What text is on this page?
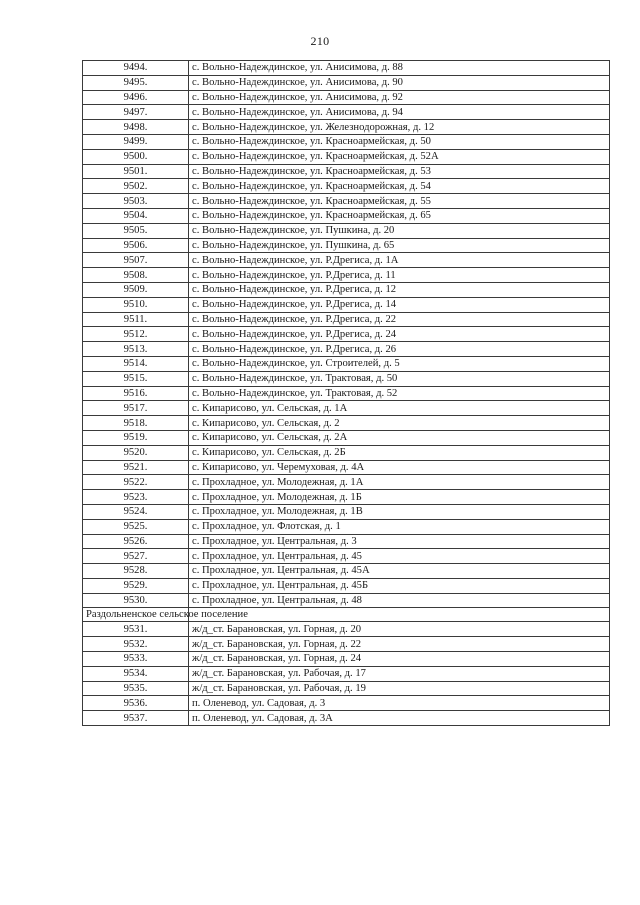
210
9494.	с. Вольно-Надеждинское, ул. Анисимова, д. 88
9495.	с. Вольно-Надеждинское, ул. Анисимова, д. 90
9496.	с. Вольно-Надеждинское, ул. Анисимова, д. 92
9497.	с. Вольно-Надеждинское, ул. Анисимова, д. 94
9498.	с. Вольно-Надеждинское, ул. Железнодорожная, д. 12
9499.	с. Вольно-Надеждинское, ул. Красноармейская, д. 50
9500.	с. Вольно-Надеждинское, ул. Красноармейская, д. 52А
9501.	с. Вольно-Надеждинское, ул. Красноармейская, д. 53
9502.	с. Вольно-Надеждинское, ул. Красноармейская, д. 54
9503.	с. Вольно-Надеждинское, ул. Красноармейская, д. 55
9504.	с. Вольно-Надеждинское, ул. Красноармейская, д. 65
9505.	с. Вольно-Надеждинское, ул. Пушкина, д. 20
9506.	с. Вольно-Надеждинское, ул. Пушкина, д. 65
9507.	с. Вольно-Надеждинское, ул. Р.Дрегиса, д. 1А
9508.	с. Вольно-Надеждинское, ул. Р.Дрегиса, д. 11
9509.	с. Вольно-Надеждинское, ул. Р.Дрегиса, д. 12
9510.	с. Вольно-Надеждинское, ул. Р.Дрегиса, д. 14
9511.	с. Вольно-Надеждинское, ул. Р.Дрегиса, д. 22
9512.	с. Вольно-Надеждинское, ул. Р.Дрегиса, д. 24
9513.	с. Вольно-Надеждинское, ул. Р.Дрегиса, д. 26
9514.	с. Вольно-Надеждинское, ул. Строителей, д. 5
9515.	с. Вольно-Надеждинское, ул. Трактовая, д. 50
9516.	с. Вольно-Надеждинское, ул. Трактовая, д. 52
9517.	с. Кипарисово, ул. Сельская, д. 1А
9518.	с. Кипарисово, ул. Сельская, д. 2
9519.	с. Кипарисово, ул. Сельская, д. 2А
9520.	с. Кипарисово, ул. Сельская, д. 2Б
9521.	с. Кипарисово, ул. Черемуховая, д. 4А
9522.	с. Прохладное, ул. Молодежная, д. 1А
9523.	с. Прохладное, ул. Молодежная, д. 1Б
9524.	с. Прохладное, ул. Молодежная, д. 1В
9525.	с. Прохладное, ул. Флотская, д. 1
9526.	с. Прохладное, ул. Центральная, д. 3
9527.	с. Прохладное, ул. Центральная, д. 45
9528.	с. Прохладное, ул. Центральная, д. 45А
9529.	с. Прохладное, ул. Центральная, д. 45Б
9530.	с. Прохладное, ул. Центральная, д. 48
Раздольненское сельское поселение	
9531.	ж/д_ст. Барановская, ул. Горная, д. 20
9532.	ж/д_ст. Барановская, ул. Горная, д. 22
9533.	ж/д_ст. Барановская, ул. Горная, д. 24
9534.	ж/д_ст. Барановская, ул. Рабочая, д. 17
9535.	ж/д_ст. Барановская, ул. Рабочая, д. 19
9536.	п. Оленевод, ул. Садовая, д. 3
9537.	п. Оленевод, ул. Садовая, д. 3А
